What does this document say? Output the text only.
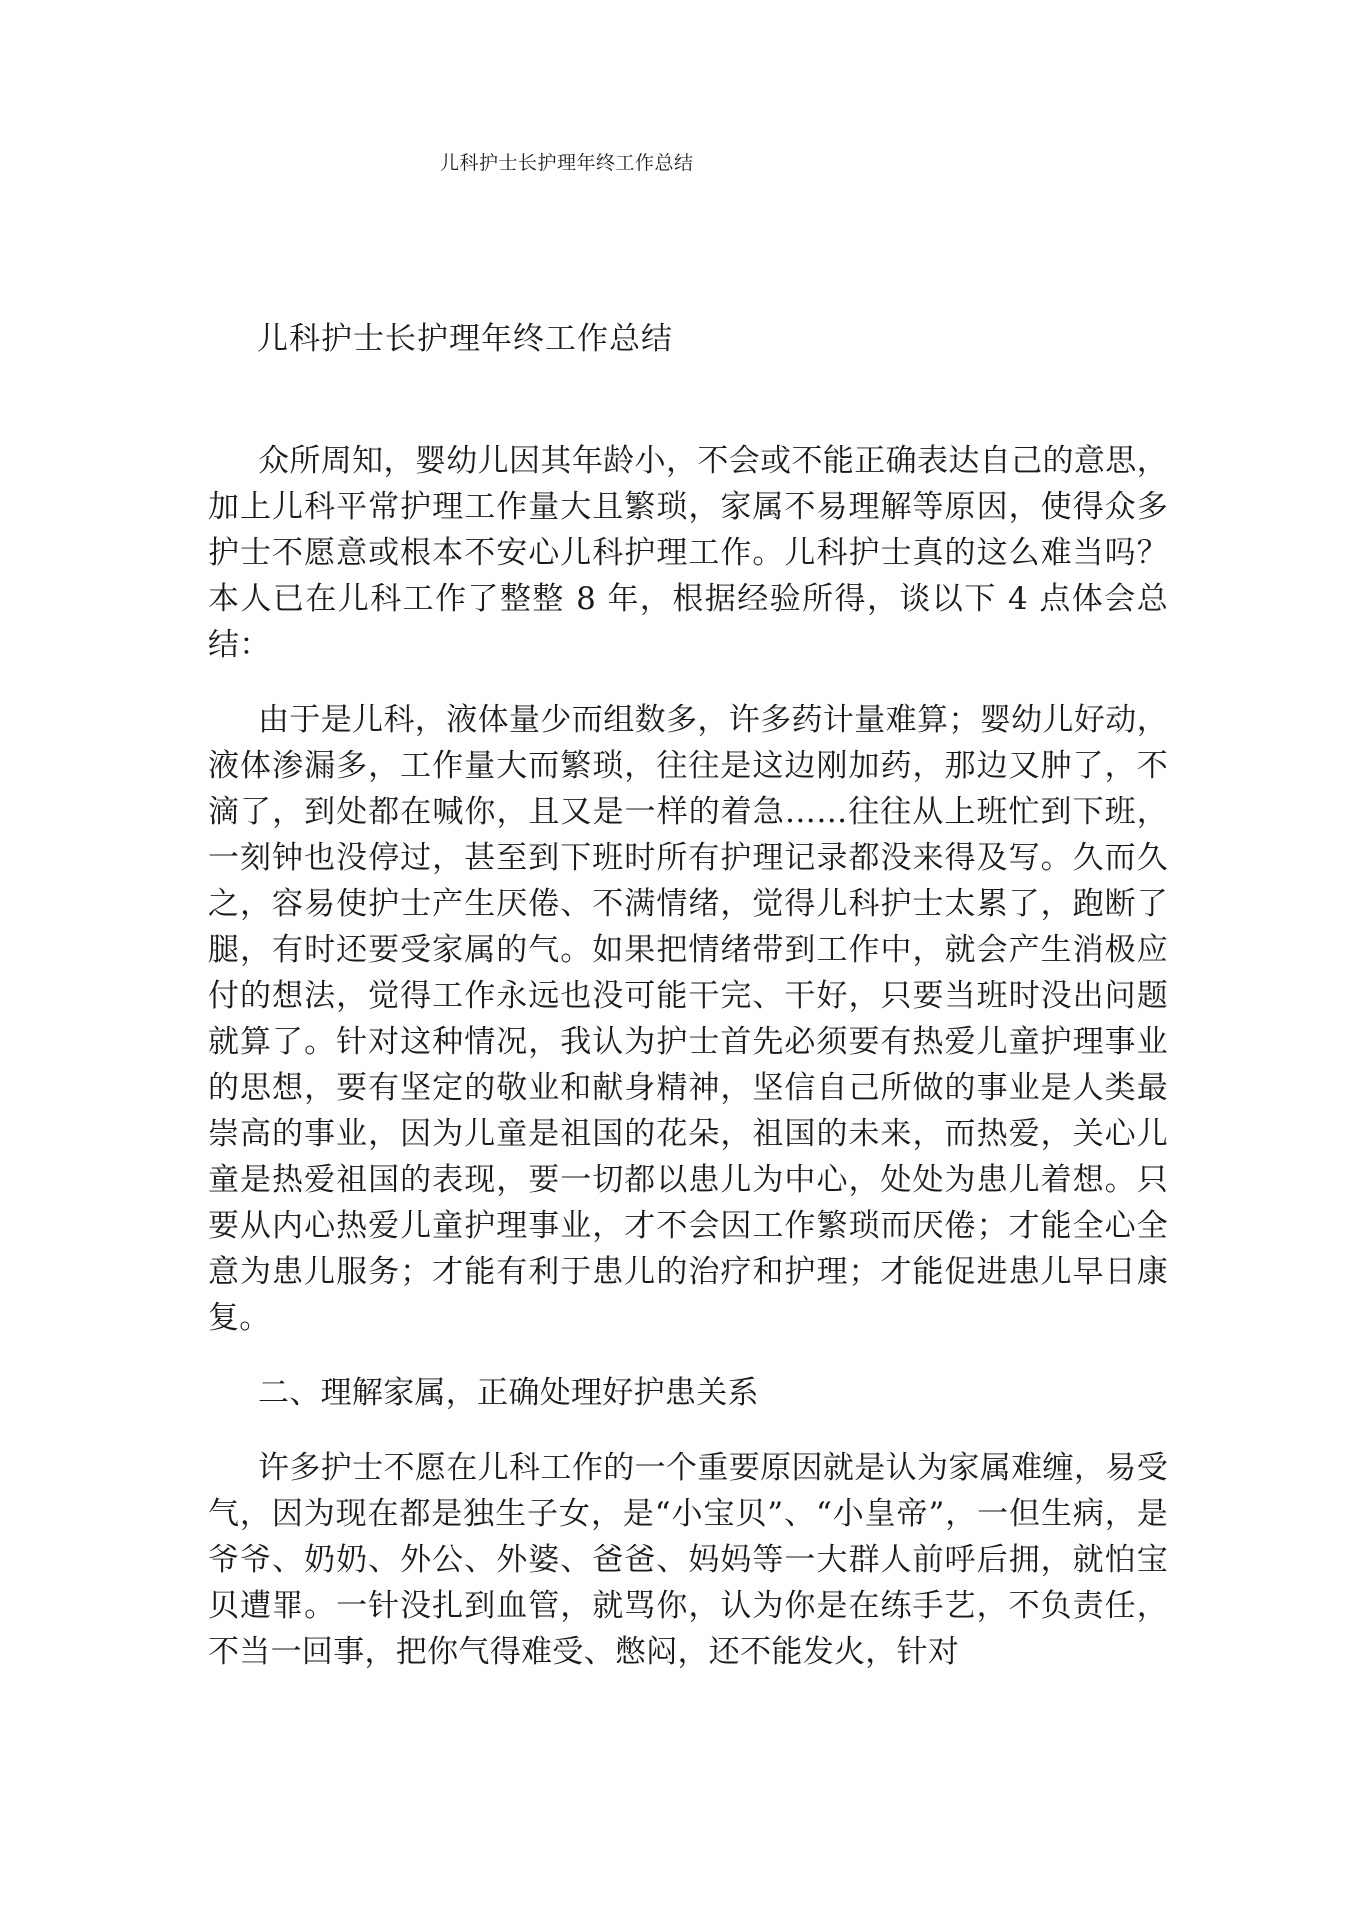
儿科护士长护理年终工作总结
儿科护士长护理年终工作总结

众所周知，婴幼儿因其年龄小，不会或不能正确表达自己的意思，加上儿科平常护理工作量大且繁琐，家属不易理解等原因，使得众多护士不愿意或根本不安心儿科护理工作。儿科护士真的这么难当吗？本人已在儿科工作了整整 8 年，根据经验所得，谈以下 4 点体会总结：

由于是儿科，液体量少而组数多，许多药计量难算；婴幼儿好动，液体渗漏多，工作量大而繁琐，往往是这边刚加药，那边又肿了，不滴了，到处都在喊你，且又是一样的着急……往往从上班忙到下班，一刻钟也没停过，甚至到下班时所有护理记录都没来得及写。久而久之，容易使护士产生厌倦、不满情绪，觉得儿科护士太累了，跑断了腿，有时还要受家属的气。如果把情绪带到工作中，就会产生消极应付的想法，觉得工作永远也没可能干完、干好，只要当班时没出问题就算了。针对这种情况，我认为护士首先必须要有热爱儿童护理事业的思想，要有坚定的敬业和献身精神，坚信自己所做的事业是人类最崇高的事业，因为儿童是祖国的花朵，祖国的未来，而热爱，关心儿童是热爱祖国的表现，要一切都以患儿为中心，处处为患儿着想。只要从内心热爱儿童护理事业，才不会因工作繁琐而厌倦；才能全心全意为患儿服务；才能有利于患儿的治疗和护理；才能促进患儿早日康复。

二、理解家属，正确处理好护患关系

许多护士不愿在儿科工作的一个重要原因就是认为家属难缠，易受气，因为现在都是独生子女，是“小宝贝”、“小皇帝”，一但生病，是爷爷、奶奶、外公、外婆、爸爸、妈妈等一大群人前呼后拥，就怕宝贝遭罪。一针没扎到血管，就骂你，认为你是在练手艺，不负责任，不当一回事，把你气得难受、憋闷，还不能发火，针对
